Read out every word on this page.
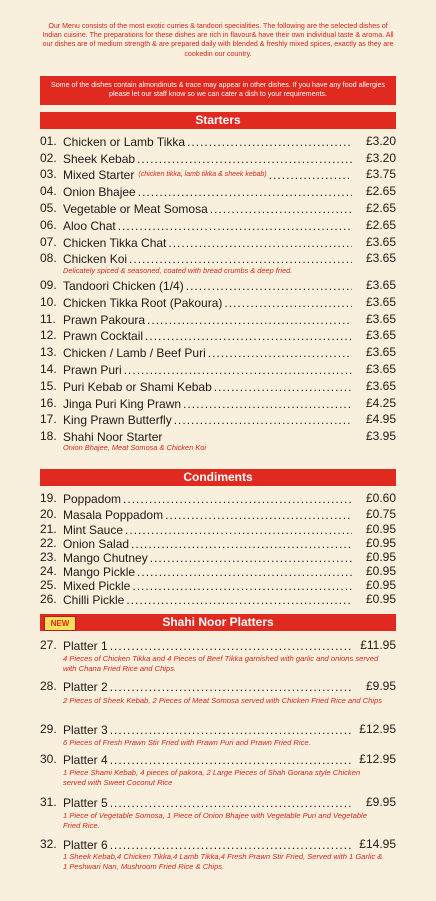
Our Menu consists of the most exotic curries & tandoori specialities. The following are the selected dishes of Indian cuisine. The preparations for these dishes are rich in flavour& have their own individual taste & aroma. All our dishes are of medium strength & are prepared daily with blended & freshly mixed spices, exactly as they are cookedin our country.
Some of the dishes contain almondinuts & trace may appear in other dishes. If you have any food allergies please let our staff know so we can cater a dish to your requirements.
Starters
01. Chicken or Lamb Tikka .....	£3.20
02. Sheek Kebab .....	£3.20
03. Mixed Starter (chicken tikka, lamb tikka & sheek kebab) .....	£3.75
04. Onion Bhajee .....	£2.65
05. Vegetable or Meat Somosa .....	£2.65
06. Aloo Chat .....	£2.65
07. Chicken Tikka Chat .....	£3.65
08. Chicken Koi .....	£3.65
Delicately spiced & seasoned, coated with bread crumbs & deep fried.
09. Tandoori Chicken (1/4) .....	£3.65
10. Chicken Tikka Root (Pakoura) .....	£3.65
11. Prawn Pakoura .....	£3.65
12. Prawn Cocktail .....	£3.65
13. Chicken / Lamb / Beef Puri .....	£3.65
14. Prawn Puri .....	£3.65
15. Puri Kebab or Shami Kebab .....	£3.65
16. Jinga Puri King Prawn .....	£4.25
17. King Prawn Butterfly .....	£4.95
18. Shahi Noor Starter	£3.95
Onion Bhajee, Meat Somosa & Chicken Koi
Condiments
19. Poppadom .....	£0.60
20. Masala Poppadom .....	£0.75
21. Mint Sauce .....	£0.95
22. Onion Salad .....	£0.95
23. Mango Chutney .....	£0.95
24. Mango Pickle .....	£0.95
25. Mixed Pickle .....	£0.95
26. Chilli Pickle .....	£0.95
NEW	Shahi Noor Platters
27. Platter 1 .....	£11.95
4 Pieces of Chicken Tikka and 4 Pieces of Beef Tikka garnished with garlic and onions served with Chana Fried Rice and Chips.
28. Platter 2 .....	£9.95
2 Pieces of Sheek Kebab, 2 Pieces of Meat Somosa served with Chicken Fried Rice and Chips
29. Platter 3 .....	£12.95
6 Pieces of Fresh Prawn Stir Fried with Prawn Puri and Prawn Fried Rice.
30. Platter 4 .....	£12.95
1 Piece Shami Kebab, 4 pieces of pakora, 2 Large Pieces of Shah Gorana style Chicken served with Sweet Coconut Rice
31. Platter 5 .....	£9.95
1 Piece of Vegetable Somosa, 1 Piece of Onion Bhajee with Vegetable Puri and Vegetable Fried Rice.
32. Platter 6 .....	£14.95
1 Sheek Kebab,4 Chicken Tikka,4 Lamb Tikka,4 Fresh Prawn Stir Fried, Served with 1 Garlic & 1 Peshwari Nan, Mushroom Fried Rice & Chips.
